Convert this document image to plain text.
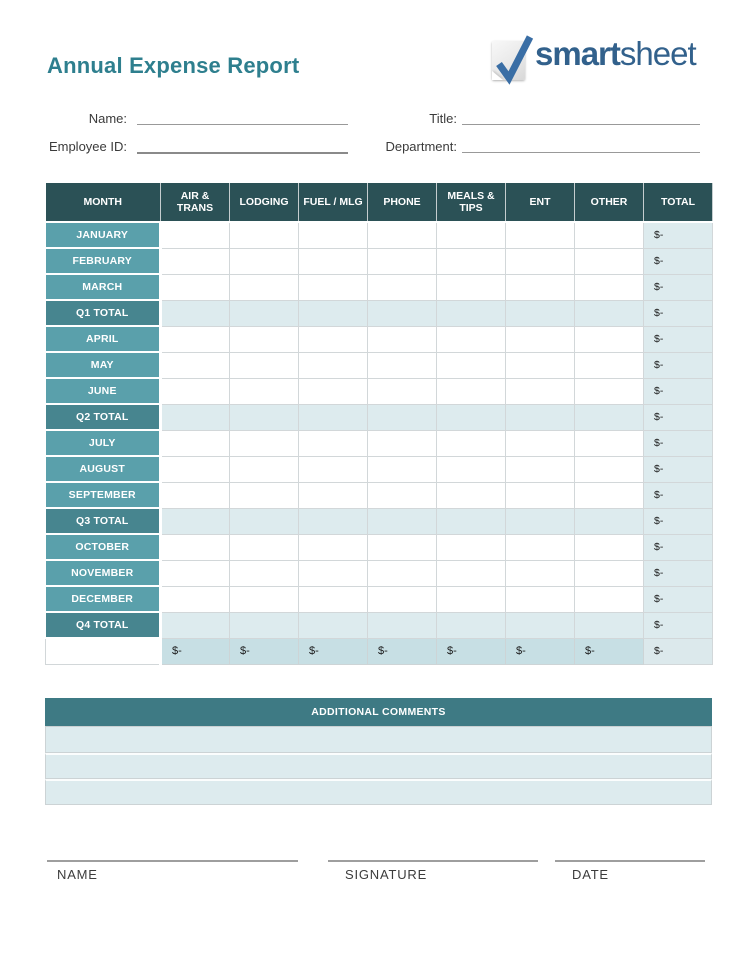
Annual Expense Report	smartsheet
Name:	Title:
Employee ID:	Department:
MONTH	AIR & TRANS	LODGING	FUEL / MLG	PHONE	MEALS & TIPS	ENT	OTHER	TOTAL
JANUARY								$-
FEBRUARY								$-
MARCH								$-
Q1 TOTAL								$-
APRIL								$-
MAY								$-
JUNE								$-
Q2 TOTAL								$-
JULY								$-
AUGUST								$-
SEPTEMBER								$-
Q3 TOTAL								$-
OCTOBER								$-
NOVEMBER								$-
DECEMBER								$-
Q4 TOTAL								$-
	$-	$-	$-	$-	$-	$-	$-	$-
ADDITIONAL COMMENTS
NAME	SIGNATURE	DATE
